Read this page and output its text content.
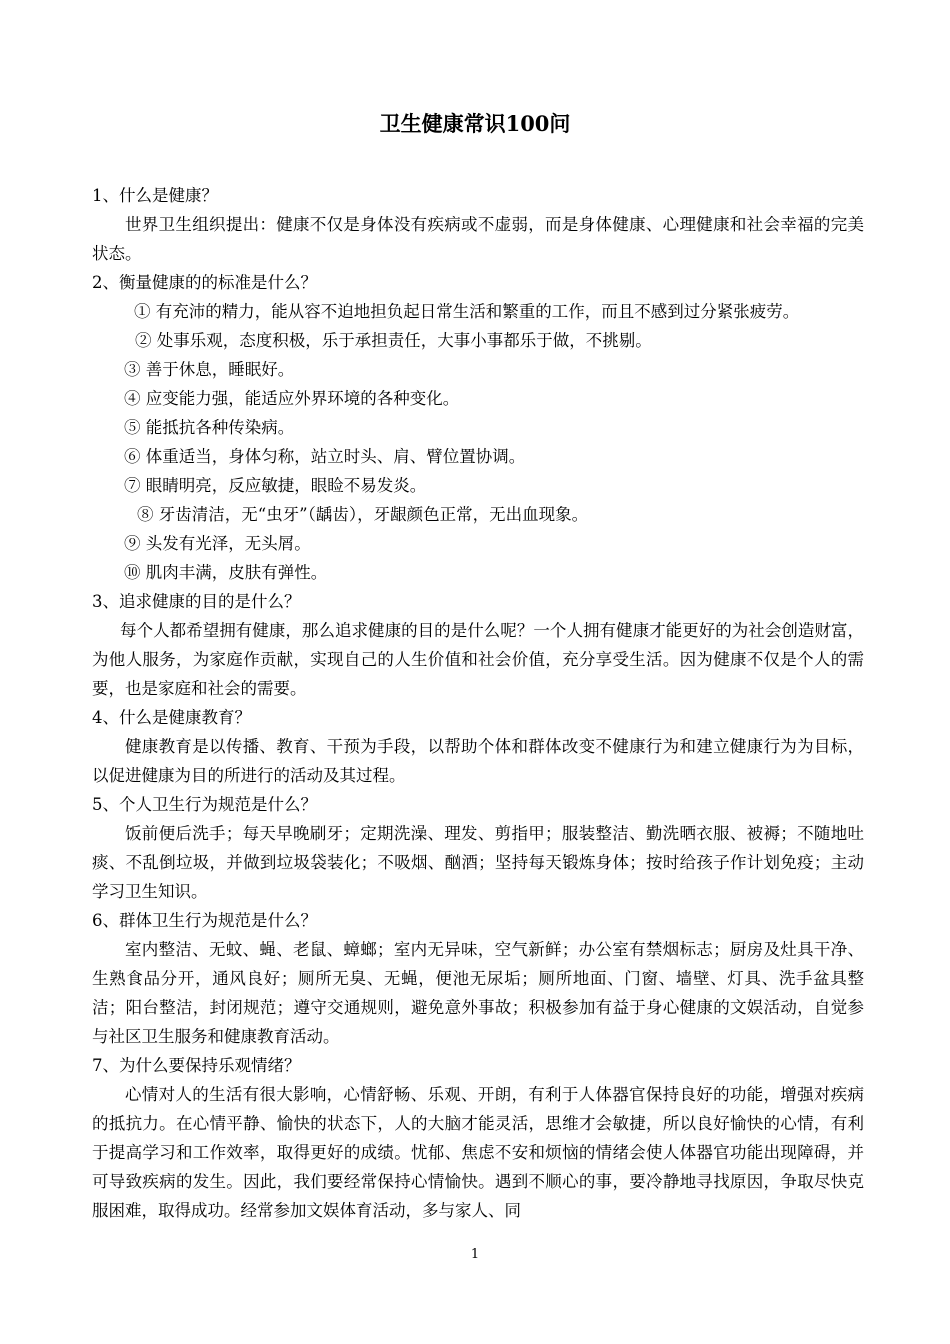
卫生健康常识100问

1、什么是健康？

世界卫生组织提出：健康不仅是身体没有疾病或不虚弱，而是身体健康、心理健康和社会幸福的完美状态。

2、衡量健康的的标准是什么？

① 有充沛的精力，能从容不迫地担负起日常生活和繁重的工作，而且不感到过分紧张疲劳。

② 处事乐观，态度积极，乐于承担责任，大事小事都乐于做，不挑剔。

③ 善于休息，睡眠好。

④ 应变能力强，能适应外界环境的各种变化。

⑤ 能抵抗各种传染病。

⑥ 体重适当，身体匀称，站立时头、肩、臂位置协调。

⑦ 眼睛明亮，反应敏捷，眼睑不易发炎。

⑧ 牙齿清洁，无“虫牙”（龋齿），牙龈颜色正常，无出血现象。

⑨ 头发有光泽，无头屑。

⑩ 肌肉丰满，皮肤有弹性。

3、追求健康的目的是什么？

每个人都希望拥有健康，那么追求健康的目的是什么呢？一个人拥有健康才能更好的为社会创造财富，为他人服务，为家庭作贡献，实现自己的人生价值和社会价值，充分享受生活。因为健康不仅是个人的需要，也是家庭和社会的需要。

4、什么是健康教育？

健康教育是以传播、教育、干预为手段，以帮助个体和群体改变不健康行为和建立健康行为为目标，以促进健康为目的所进行的活动及其过程。

5、个人卫生行为规范是什么？

饭前便后洗手；每天早晚刷牙；定期洗澡、理发、剪指甲；服装整洁、勤洗晒衣服、被褥；不随地吐痰、不乱倒垃圾，并做到垃圾袋装化；不吸烟、酗酒；坚持每天锻炼身体；按时给孩子作计划免疫；主动学习卫生知识。

6、群体卫生行为规范是什么？

室内整洁、无蚊、蝇、老鼠、蟑螂；室内无异味，空气新鲜；办公室有禁烟标志；厨房及灶具干净、生熟食品分开，通风良好；厕所无臭、无蝇，便池无尿垢；厕所地面、门窗、墙壁、灯具、洗手盆具整洁；阳台整洁，封闭规范；遵守交通规则，避免意外事故；积极参加有益于身心健康的文娱活动，自觉参与社区卫生服务和健康教育活动。

7、为什么要保持乐观情绪？

心情对人的生活有很大影响，心情舒畅、乐观、开朗，有利于人体器官保持良好的功能，增强对疾病的抵抗力。在心情平静、愉快的状态下，人的大脑才能灵活，思维才会敏捷，所以良好愉快的心情，有利于提高学习和工作效率，取得更好的成绩。忧郁、焦虑不安和烦恼的情绪会使人体器官功能出现障碍，并可导致疾病的发生。因此，我们要经常保持心情愉快。遇到不顺心的事，要冷静地寻找原因，争取尽快克服困难，取得成功。经常参加文娱体育活动，多与家人、同

1
